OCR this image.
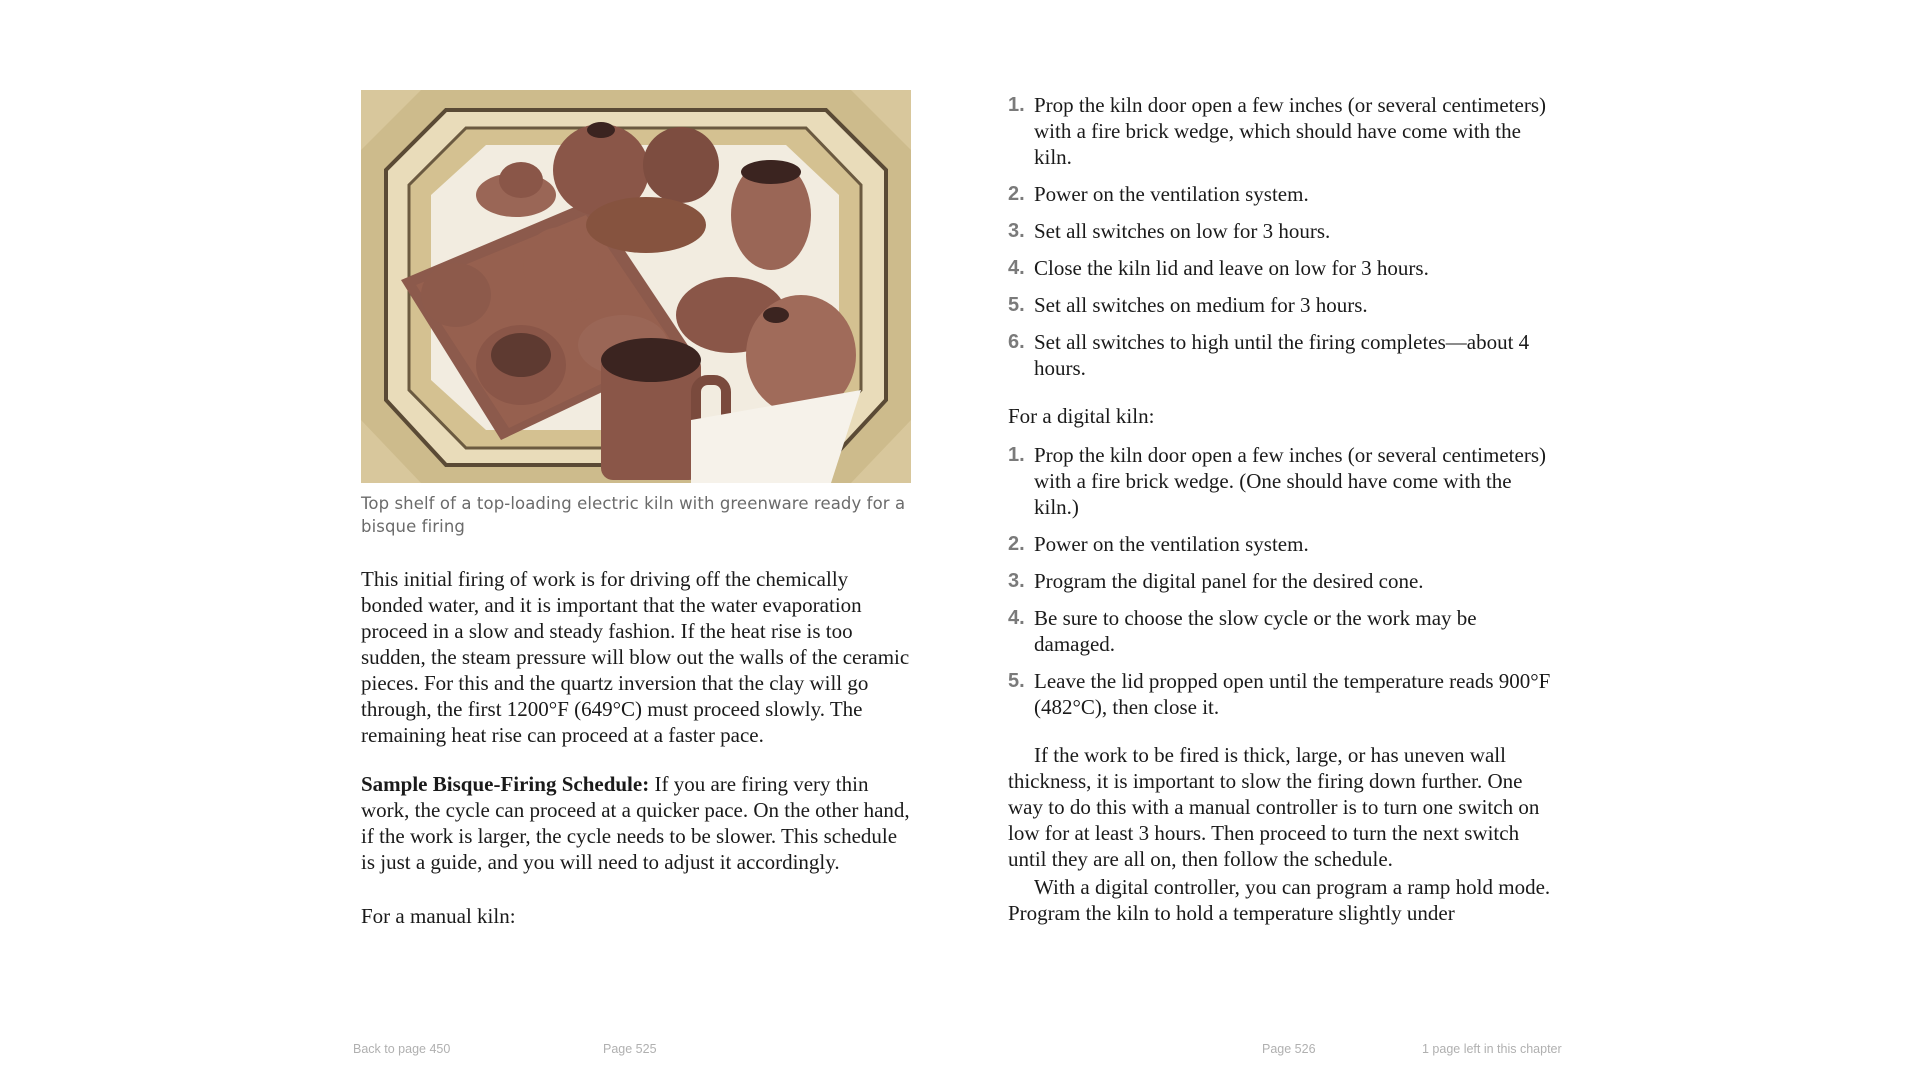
Top shelf of a top-loading electric kiln with greenware ready for a bisque firing

This initial firing of work is for driving off the chemically bonded water, and it is important that the water evaporation proceed in a slow and steady fashion. If the heat rise is too sudden, the steam pressure will blow out the walls of the ceramic pieces. For this and the quartz inversion that the clay will go through, the first 1200°F (649°C) must proceed slowly. The remaining heat rise can proceed at a faster pace.

Sample Bisque-Firing Schedule: If you are firing very thin work, the cycle can proceed at a quicker pace. On the other hand, if the work is larger, the cycle needs to be slower. This schedule is just a guide, and you will need to adjust it accordingly.

For a manual kiln:

1. Prop the kiln door open a few inches (or several centimeters) with a fire brick wedge, which should have come with the kiln.
2. Power on the ventilation system.
3. Set all switches on low for 3 hours.
4. Close the kiln lid and leave on low for 3 hours.
5. Set all switches on medium for 3 hours.
6. Set all switches to high until the firing completes—about 4 hours.

For a digital kiln:

1. Prop the kiln door open a few inches (or several centimeters) with a fire brick wedge. (One should have come with the kiln.)
2. Power on the ventilation system.
3. Program the digital panel for the desired cone.
4. Be sure to choose the slow cycle or the work may be damaged.
5. Leave the lid propped open until the temperature reads 900°F (482°C), then close it.

If the work to be fired is thick, large, or has uneven wall thickness, it is important to slow the firing down further. One way to do this with a manual controller is to turn one switch on low for at least 3 hours. Then proceed to turn the next switch until they are all on, then follow the schedule.

With a digital controller, you can program a ramp hold mode. Program the kiln to hold a temperature slightly under

Back to page 450	Page 525	Page 526	1 page left in this chapter
